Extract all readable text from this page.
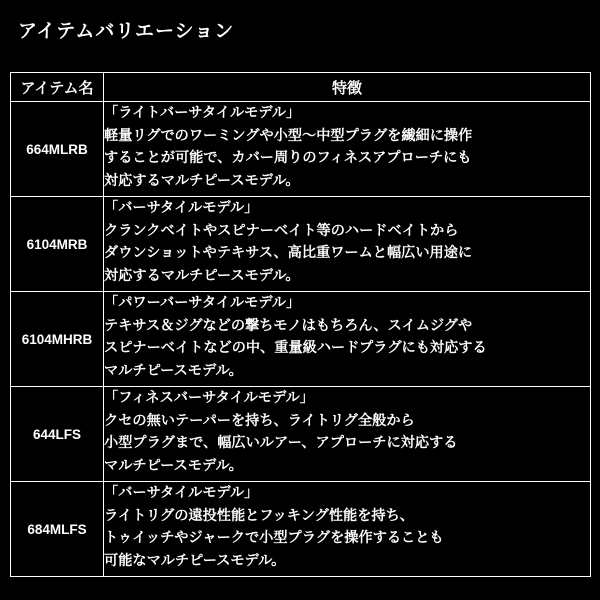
アイテムバリエーション
アイテム名	特徴
664MLRB	「ライトバーサタイルモデル」
軽量リグでのワーミングや小型〜中型プラグを繊細に操作
することが可能で、カバー周りのフィネスアプローチにも
対応するマルチピースモデル。

6104MRB	「バーサタイルモデル」
クランクベイトやスピナーベイト等のハードベイトから
ダウンショットやテキサス、高比重ワームと幅広い用途に
対応するマルチピースモデル。

6104MHRB	「パワーバーサタイルモデル」
テキサス＆ジグなどの撃ちモノはもちろん、スイムジグや
スピナーベイトなどの中、重量級ハードプラグにも対応する
マルチピースモデル。

644LFS	「フィネスバーサタイルモデル」
クセの無いテーパーを持ち、ライトリグ全般から
小型プラグまで、幅広いルアー、アプローチに対応する
マルチピースモデル。

684MLFS	「バーサタイルモデル」
ライトリグの遠投性能とフッキング性能を持ち、
トゥイッチやジャークで小型プラグを操作することも
可能なマルチピースモデル。
